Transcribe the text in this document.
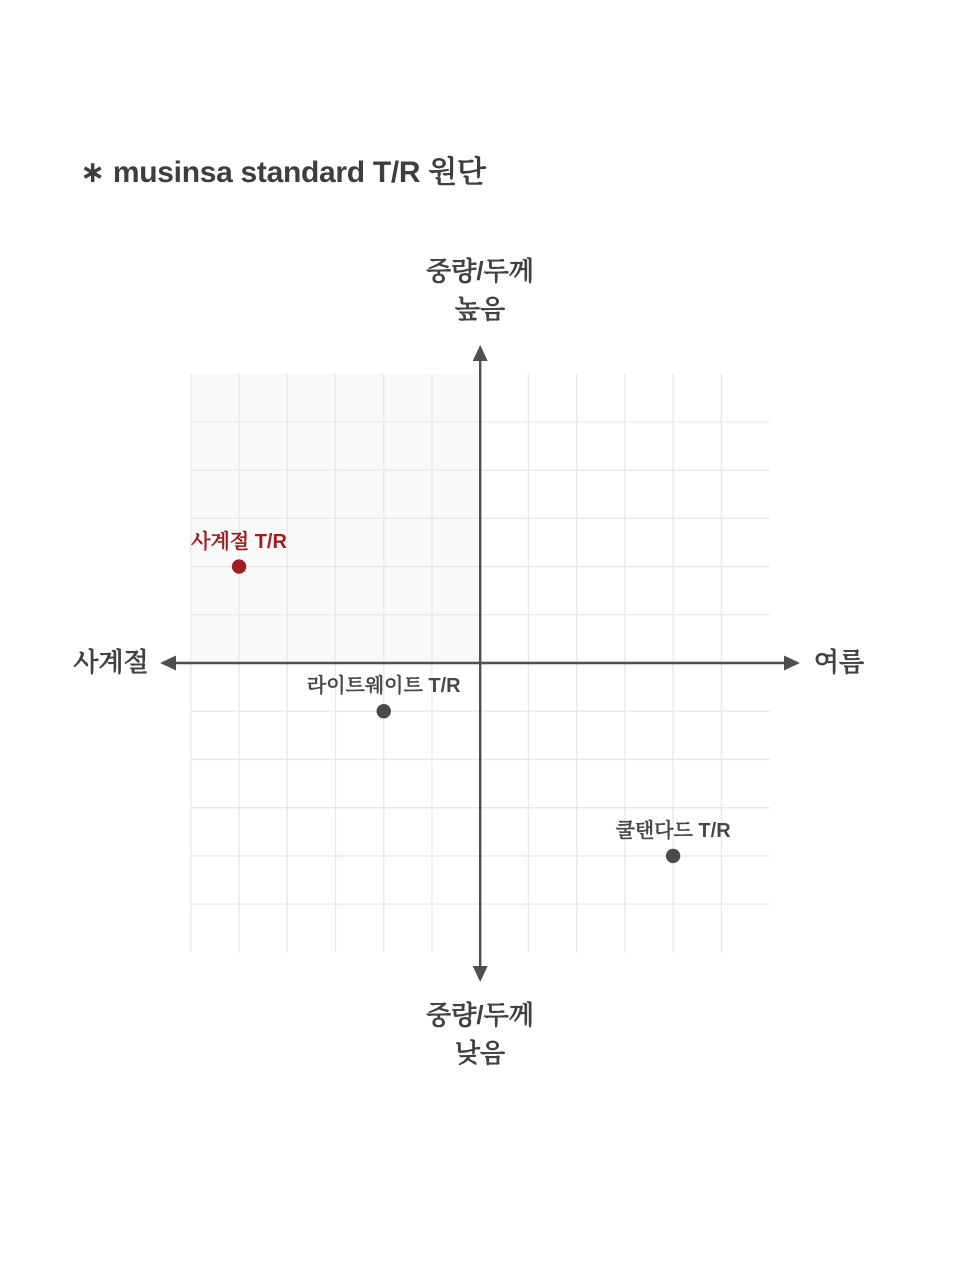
∗ musinsa standard T/R 원단
중량/두께
높음
중량/두께
낮음
사계절	여름
사계절 T/R
라이트웨이트 T/R
쿨탠다드 T/R
